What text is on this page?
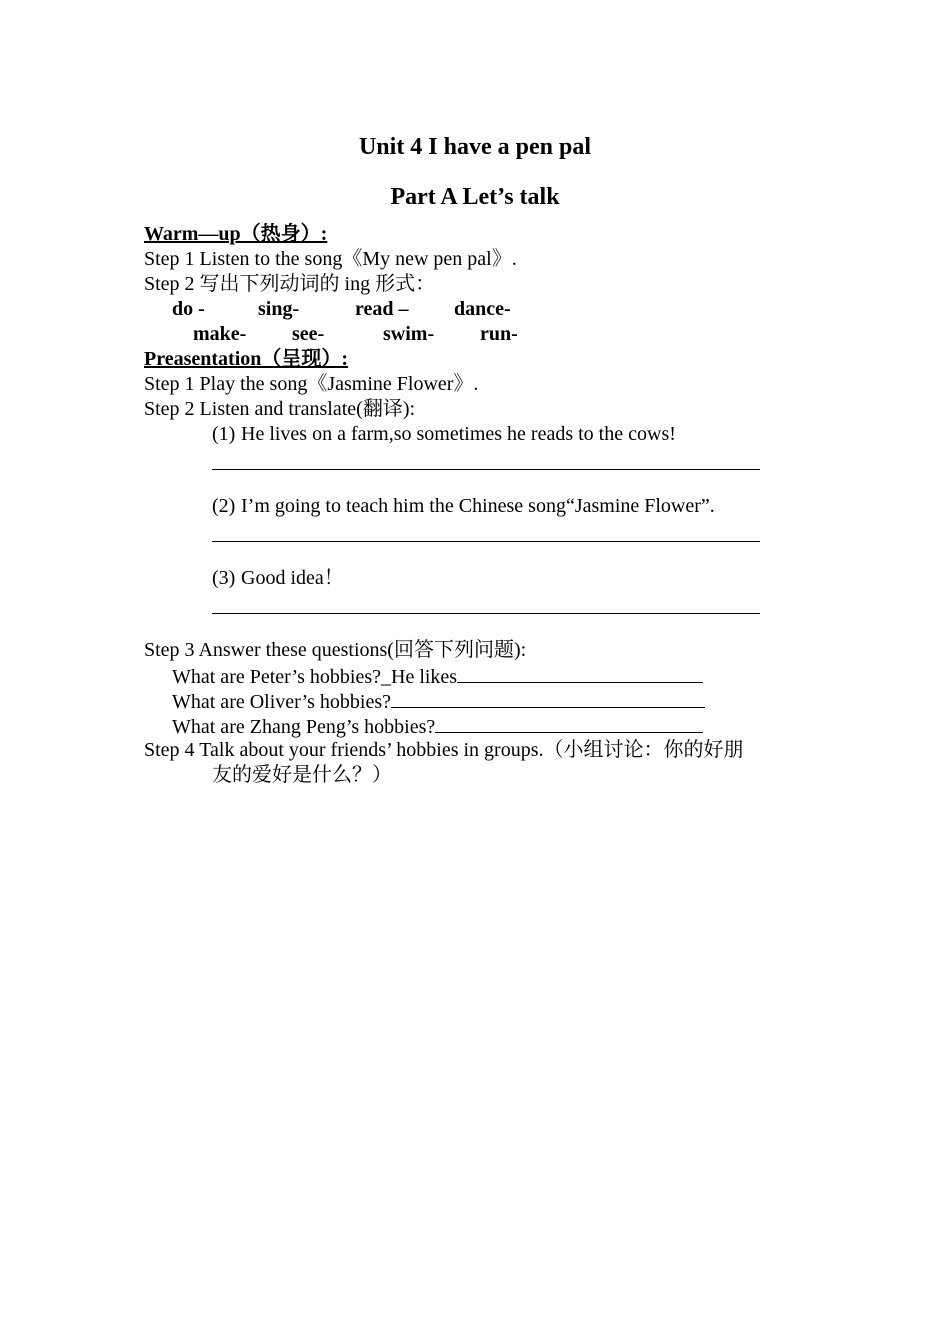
Unit 4 I have a pen pal
Part A Let’s talk
Warm—up（热身）:
Step 1 Listen to the song《My new pen pal》.
Step 2 写出下列动词的 ing 形式：
do -	sing-	read – dance-
make- see-	swim- run-
Preasentation（呈现）:
Step 1 Play the song《Jasmine Flower》.
Step 2 Listen and translate(翻译):
(1) He lives on a farm,so sometimes he reads to the cows!
(2) I’m going to teach him the Chinese song“Jasmine Flower”.
(3) Good idea！
Step 3 Answer these questions(回答下列问题):
What are Peter’s hobbies?_He likes
What are Oliver’s hobbies?
What are Zhang Peng’s hobbies?
Step 4 Talk about your friends’ hobbies in groups.（小组讨论：你的好朋
友的爱好是什么？）
